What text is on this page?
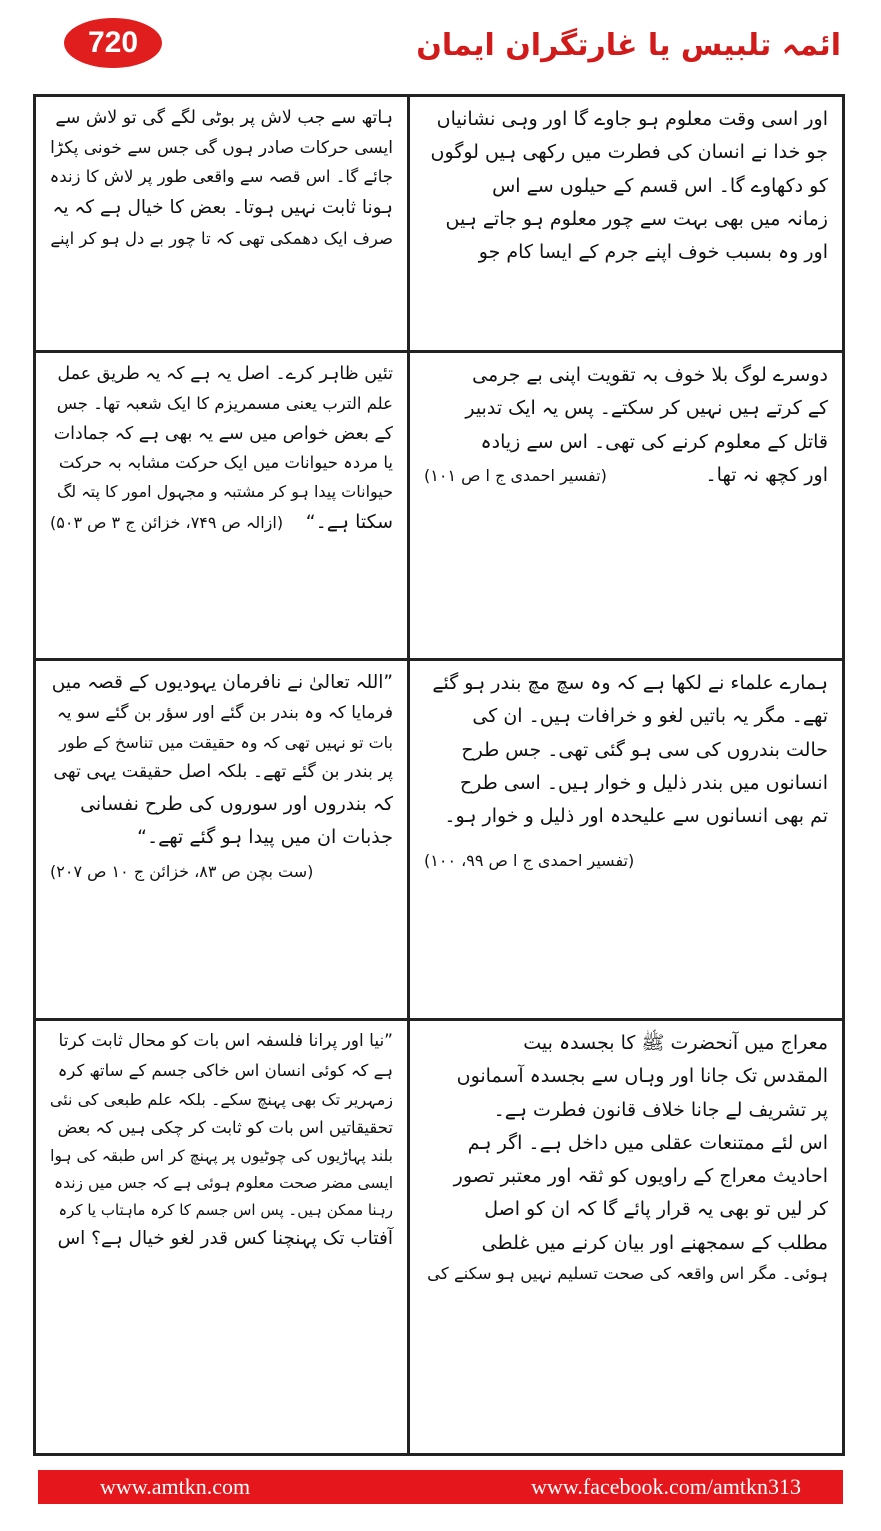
720	ائمہ تلبیس یا غارتگران ایمان
اور اسی وقت معلوم ہو جاوے گا اور وہی نشانیاں
جو خدا نے انسان کی فطرت میں رکھی ہیں لوگوں
کو دکھاوے گا۔ اس قسم کے حیلوں سے اس
زمانہ میں بھی بہت سے چور معلوم ہو جاتے ہیں
اور وہ بسبب خوف اپنے جرم کے ایسا کام جو
ہاتھ سے جب لاش پر بوٹی لگے گی تو لاش سے
ایسی حرکات صادر ہوں گی جس سے خونی پکڑا
جائے گا۔ اس قصہ سے واقعی طور پر لاش کا زندہ
ہونا ثابت نہیں ہوتا۔ بعض کا خیال ہے کہ یہ
صرف ایک دھمکی تھی کہ تا چور بے دل ہو کر اپنے
دوسرے لوگ بلا خوف بہ تقویت اپنی بے جرمی
کے کرتے ہیں نہیں کر سکتے۔ پس یہ ایک تدبیر
قاتل کے معلوم کرنے کی تھی۔ اس سے زیادہ
اور کچھ نہ تھا۔
(تفسیر احمدی ج ا ص ۱۰۱)
تئیں ظاہر کرے۔ اصل یہ ہے کہ یہ طریق عمل
علم الترب یعنی مسمریزم کا ایک شعبہ تھا۔ جس
کے بعض خواص میں سے یہ بھی ہے کہ جمادات
یا مردہ حیوانات میں ایک حرکت مشابہ بہ حرکت
حیوانات پیدا ہو کر مشتبہ و مجہول امور کا پتہ لگ
سکتا ہے۔“
(ازالہ ص ۷۴۹، خزائن ج ۳ ص ۵۰۳)
ہمارے علماء نے لکھا ہے کہ وہ سچ مچ بندر ہو گئے
تھے۔ مگر یہ باتیں لغو و خرافات ہیں۔ ان کی
حالت بندروں کی سی ہو گئی تھی۔ جس طرح
انسانوں میں بندر ذلیل و خوار ہیں۔ اسی طرح
تم بھی انسانوں سے علیحدہ اور ذلیل و خوار ہو۔
(تفسیر احمدی ج ا ص ۹۹، ۱۰۰)
”اللہ تعالیٰ نے نافرمان یہودیوں کے قصہ میں
فرمایا کہ وہ بندر بن گئے اور سؤر بن گئے سو یہ
بات تو نہیں تھی کہ وہ حقیقت میں تناسخ کے طور
پر بندر بن گئے تھے۔ بلکہ اصل حقیقت یہی تھی
کہ بندروں اور سوروں کی طرح نفسانی
جذبات ان میں پیدا ہو گئے تھے۔“
(ست بچن ص ۸۳، خزائن ج ۱۰ ص ۲۰۷)
معراج میں آنحضرت ﷺ کا بجسدہ بیت
المقدس تک جانا اور وہاں سے بجسدہ آسمانوں
پر تشریف لے جانا خلاف قانون فطرت ہے۔
اس لئے ممتنعات عقلی میں داخل ہے۔ اگر ہم
احادیث معراج کے راویوں کو ثقہ اور معتبر تصور
کر لیں تو بھی یہ قرار پائے گا کہ ان کو اصل
مطلب کے سمجھنے اور بیان کرنے میں غلطی
ہوئی۔ مگر اس واقعہ کی صحت تسلیم نہیں ہو سکنے کی
”نیا اور پرانا فلسفہ اس بات کو محال ثابت کرتا
ہے کہ کوئی انسان اس خاکی جسم کے ساتھ کرہ
زمہریر تک بھی پہنچ سکے۔ بلکہ علم طبعی کی نئی
تحقیقاتیں اس بات کو ثابت کر چکی ہیں کہ بعض
بلند پہاڑیوں کی چوٹیوں پر پہنچ کر اس طبقہ کی ہوا
ایسی مضر صحت معلوم ہوئی ہے کہ جس میں زندہ
رہنا ممکن ہیں۔ پس اس جسم کا کرہ ماہتاب یا کرہ
آفتاب تک پہنچنا کس قدر لغو خیال ہے؟ اس
www.amtkn.com	www.facebook.com/amtkn313
